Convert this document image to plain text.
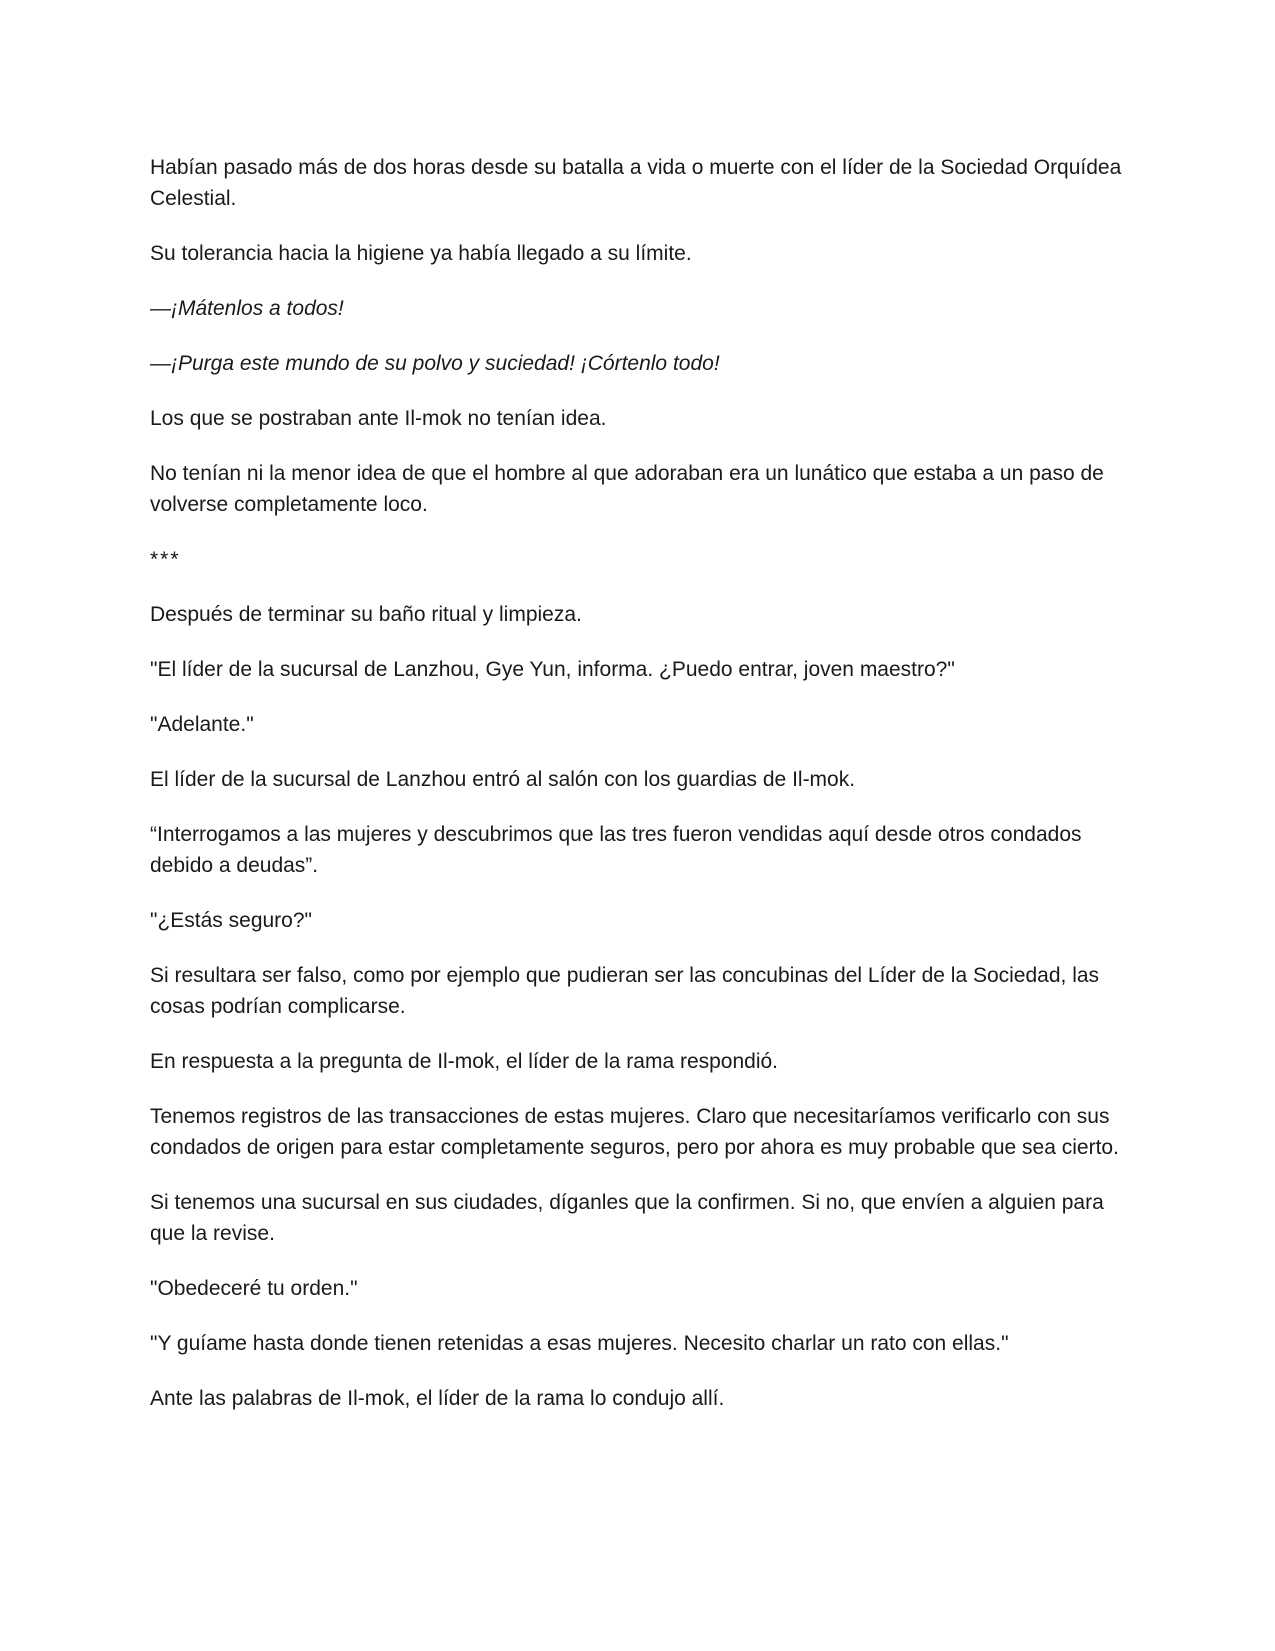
Habían pasado más de dos horas desde su batalla a vida o muerte con el líder de la Sociedad Orquídea Celestial.

Su tolerancia hacia la higiene ya había llegado a su límite.

—¡Mátenlos a todos!

—¡Purga este mundo de su polvo y suciedad! ¡Córtenlo todo!

Los que se postraban ante Il-mok no tenían idea.

No tenían ni la menor idea de que el hombre al que adoraban era un lunático que estaba a un paso de volverse completamente loco.

***

Después de terminar su baño ritual y limpieza.

"El líder de la sucursal de Lanzhou, Gye Yun, informa. ¿Puedo entrar, joven maestro?"

"Adelante."

El líder de la sucursal de Lanzhou entró al salón con los guardias de Il-mok.

“Interrogamos a las mujeres y descubrimos que las tres fueron vendidas aquí desde otros condados debido a deudas”.

"¿Estás seguro?"

Si resultara ser falso, como por ejemplo que pudieran ser las concubinas del Líder de la Sociedad, las cosas podrían complicarse.

En respuesta a la pregunta de Il-mok, el líder de la rama respondió.

Tenemos registros de las transacciones de estas mujeres. Claro que necesitaríamos verificarlo con sus condados de origen para estar completamente seguros, pero por ahora es muy probable que sea cierto.

Si tenemos una sucursal en sus ciudades, díganles que la confirmen. Si no, que envíen a alguien para que la revise.

"Obedeceré tu orden."

"Y guíame hasta donde tienen retenidas a esas mujeres. Necesito charlar un rato con ellas."

Ante las palabras de Il-mok, el líder de la rama lo condujo allí.
